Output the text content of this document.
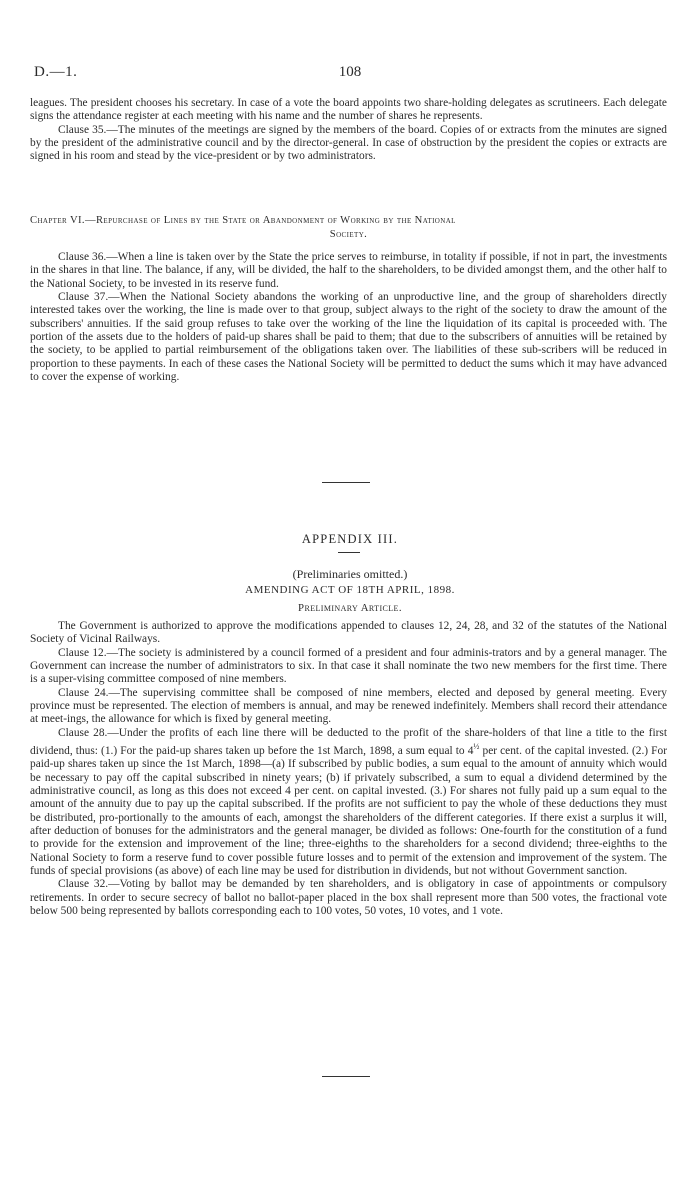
D.—1.	108

leagues. The president chooses his secretary. In case of a vote the board appoints two share-holding delegates as scrutineers. Each delegate signs the attendance register at each meeting with his name and the number of shares he represents.

Clause 35.—The minutes of the meetings are signed by the members of the board. Copies of or extracts from the minutes are signed by the president of the administrative council and by the director-general. In case of obstruction by the president the copies or extracts are signed in his room and stead by the vice-president or by two administrators.

Chapter VI.—Repurchase of Lines by the State or Abandonment of Working by the National
Society.

Clause 36.—When a line is taken over by the State the price serves to reimburse, in totality if possible, if not in part, the investments in the shares in that line. The balance, if any, will be divided, the half to the shareholders, to be divided amongst them, and the other half to the National Society, to be invested in its reserve fund.

Clause 37.—When the National Society abandons the working of an unproductive line, and the group of shareholders directly interested takes over the working, the line is made over to that group, subject always to the right of the society to draw the amount of the subscribers' annuities. If the said group refuses to take over the working of the line the liquidation of its capital is proceeded with. The portion of the assets due to the holders of paid-up shares shall be paid to them; that due to the subscribers of annuities will be retained by the society, to be applied to partial reimbursement of the obligations taken over. The liabilities of these sub-scribers will be reduced in proportion to these payments. In each of these cases the National Society will be permitted to deduct the sums which it may have advanced to cover the expense of working.

APPENDIX III.
(Preliminaries omitted.)
AMENDING ACT OF 18TH APRIL, 1898.
Preliminary Article.

The Government is authorized to approve the modifications appended to clauses 12, 24, 28, and 32 of the statutes of the National Society of Vicinal Railways.

Clause 12.—The society is administered by a council formed of a president and four adminis-trators and by a general manager. The Government can increase the number of administrators to six. In that case it shall nominate the two new members for the first time. There is a super-vising committee composed of nine members.

Clause 24.—The supervising committee shall be composed of nine members, elected and deposed by general meeting. Every province must be represented. The election of members is annual, and may be renewed indefinitely. Members shall record their attendance at meet-ings, the allowance for which is fixed by general meeting.

Clause 28.—Under the profits of each line there will be deducted to the profit of the share-holders of that line a title to the first dividend, thus: (1.) For the paid-up shares taken up before the 1st March, 1898, a sum equal to $4^{\frac{1}{2}}$ per cent. of the capital invested. (2.) For paid-up shares taken up since the 1st March, 1898—(a) If subscribed by public bodies, a sum equal to the amount of annuity which would be necessary to pay off the capital subscribed in ninety years; (b) if privately subscribed, a sum to equal a dividend determined by the administrative council, as long as this does not exceed 4 per cent. on capital invested. (3.) For shares not fully paid up a sum equal to the amount of the annuity due to pay up the capital subscribed. If the profits are not sufficient to pay the whole of these deductions they must be distributed, pro-portionally to the amounts of each, amongst the shareholders of the different categories. If there exist a surplus it will, after deduction of bonuses for the administrators and the general manager, be divided as follows: One-fourth for the constitution of a fund to provide for the extension and improvement of the line; three-eighths to the shareholders for a second dividend; three-eighths to the National Society to form a reserve fund to cover possible future losses and to permit of the extension and improvement of the system. The funds of special provisions (as above) of each line may be used for distribution in dividends, but not without Government sanction.

Clause 32.—Voting by ballot may be demanded by ten shareholders, and is obligatory in case of appointments or compulsory retirements. In order to secure secrecy of ballot no ballot-paper placed in the box shall represent more than 500 votes, the fractional vote below 500 being represented by ballots corresponding each to 100 votes, 50 votes, 10 votes, and 1 vote.
